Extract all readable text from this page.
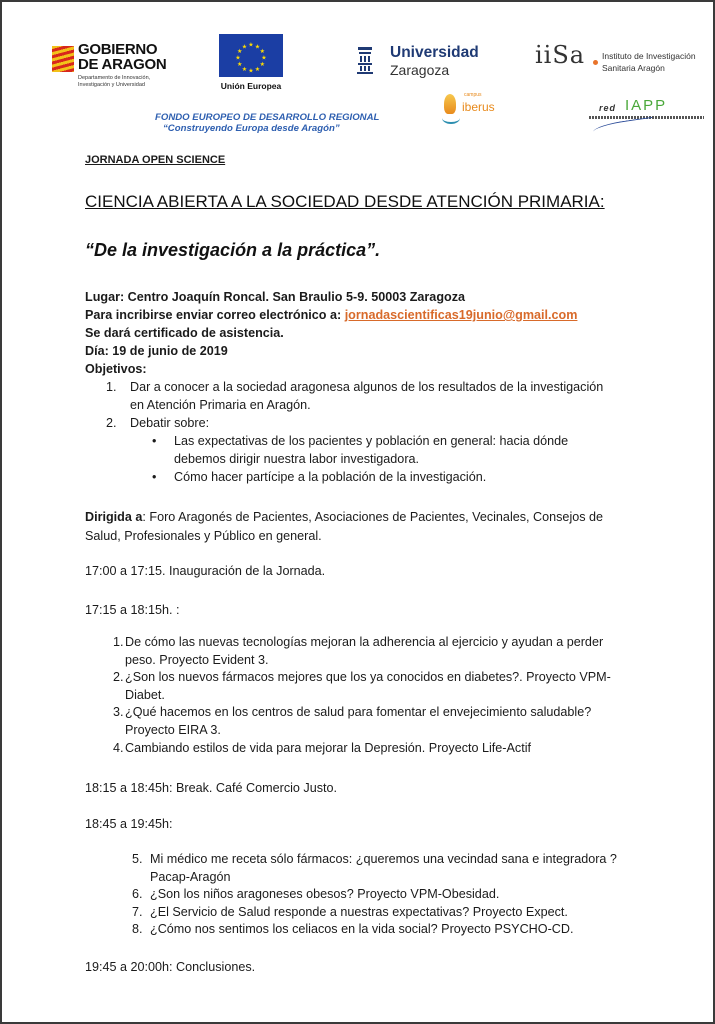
GOBIERNO
DE ARAGON
Departamento de Innovación, Investigación y Universidad
★ ★
★
★
★
★
★
★
★
★
★
★
Unión Europea
Universidad
Zaragoza
iiSa Instituto de Investigación
Sanitaria Aragón
FONDO EUROPEO DE DESARROLLO REGIONAL
“Construyendo Europa desde Aragón”
campus
iberus	red IAPP
JORNADA OPEN SCIENCE
CIENCIA ABIERTA A LA SOCIEDAD DESDE ATENCIÓN PRIMARIA:
“De la investigación a la práctica”.
Lugar: Centro Joaquín Roncal. San Braulio 5-9. 50003 Zaragoza
Para incribirse enviar correo electrónico a: jornadascientificas19junio@gmail.com
Se dará certificado de asistencia.
Día: 19 de junio de 2019
Objetivos:
1. Dar a conocer a la sociedad aragonesa algunos de los resultados de la investigación en Atención Primaria en Aragón.
2. Debatir sobre:
• Las expectativas de los pacientes y población en general: hacia dónde debemos dirigir nuestra labor investigadora.
• Cómo hacer partícipe a la población de la investigación.
Dirigida a: Foro Aragonés de Pacientes, Asociaciones de Pacientes, Vecinales, Consejos de Salud, Profesionales y Público en general.
17:00 a 17:15. Inauguración de la Jornada.
17:15 a 18:15h. :
1. De cómo las nuevas tecnologías mejoran la adherencia al ejercicio y ayudan a perder peso. Proyecto Evident 3.
2. ¿Son los nuevos fármacos mejores que los ya conocidos en diabetes?. Proyecto VPM-Diabet.
3. ¿Qué hacemos en los centros de salud para fomentar el envejecimiento saludable? Proyecto EIRA 3.
4. Cambiando estilos de vida para mejorar la Depresión. Proyecto Life-Actif
18:15 a 18:45h: Break. Café Comercio Justo.
18:45 a 19:45h:
5. Mi médico me receta sólo fármacos: ¿queremos una vecindad sana e integradora ? Pacap-Aragón
6. ¿Son los niños aragoneses obesos? Proyecto VPM-Obesidad.
7. ¿El Servicio de Salud responde a nuestras expectativas? Proyecto Expect.
8. ¿Cómo nos sentimos los celiacos en la vida social? Proyecto PSYCHO-CD.
19:45 a 20:00h: Conclusiones.
